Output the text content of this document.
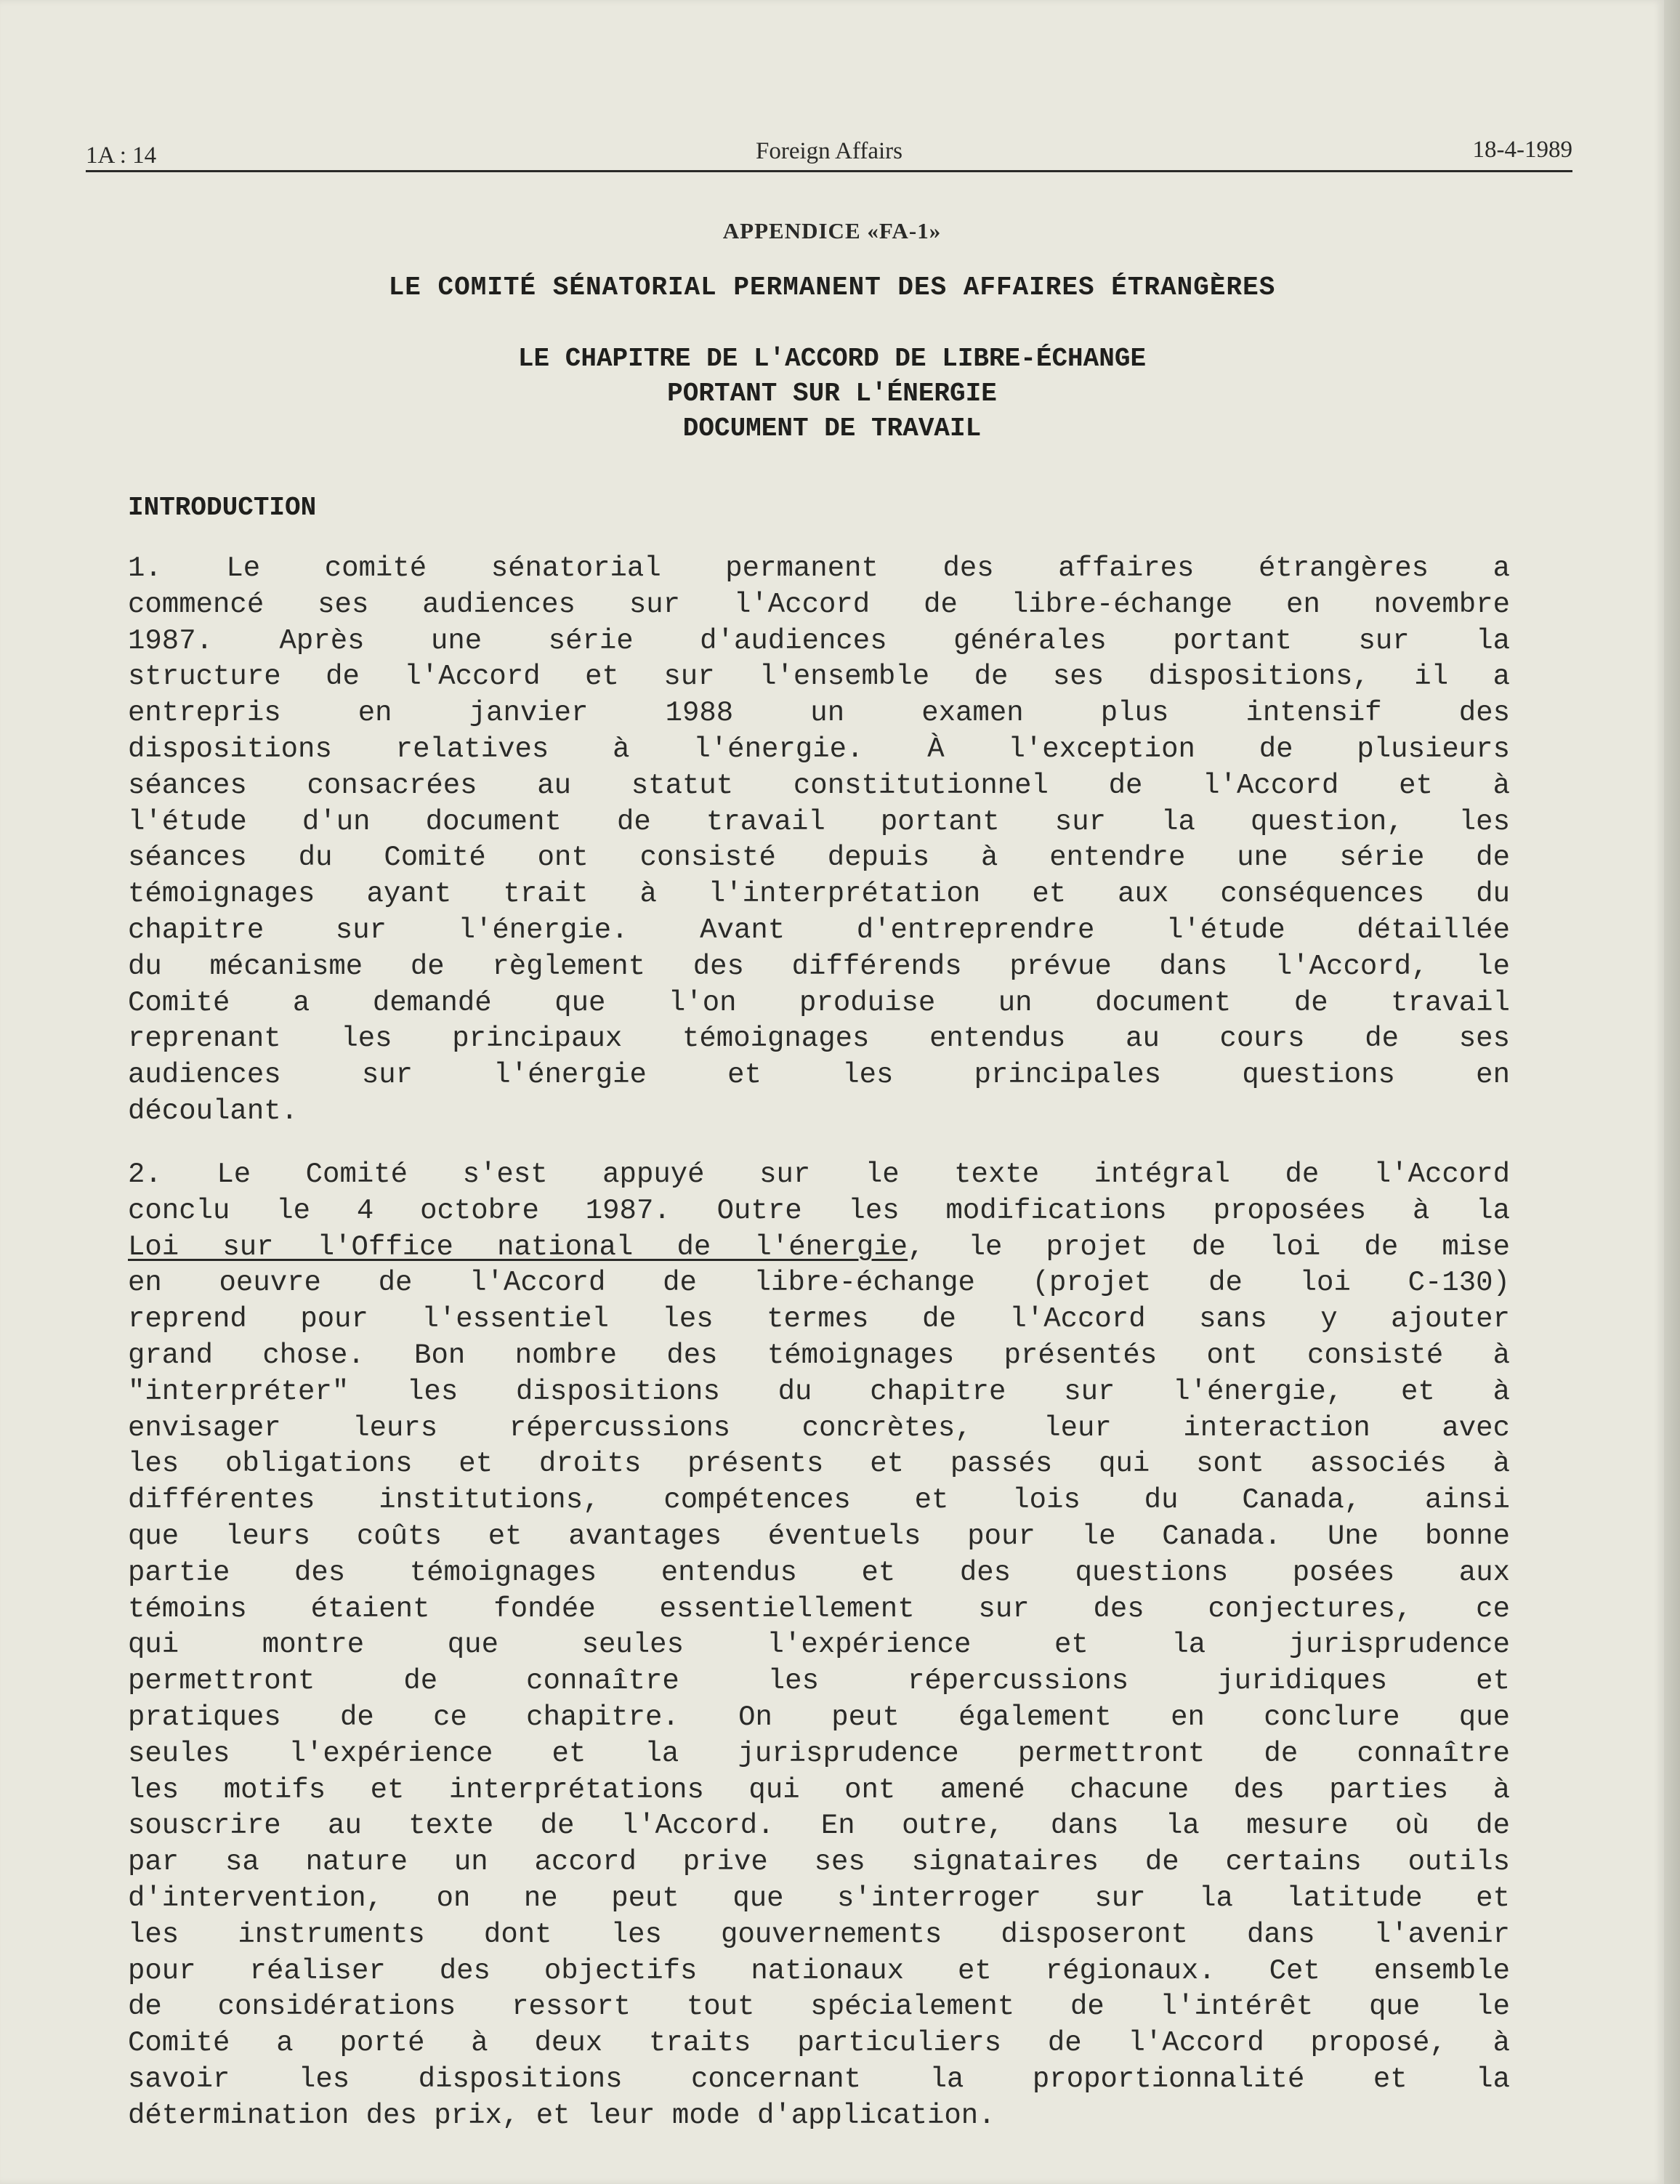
1A : 14	Foreign Affairs	18-4-1989
APPENDICE «FA-1»
LE COMITÉ SÉNATORIAL PERMANENT DES AFFAIRES ÉTRANGÈRES
LE CHAPITRE DE L'ACCORD DE LIBRE-ÉCHANGE
PORTANT SUR L'ÉNERGIE
DOCUMENT DE TRAVAIL
INTRODUCTION
1. Le comité sénatorial permanent des affaires étrangères a
commencé ses audiences sur l'Accord de libre-échange en novembre
1987. Après une série d'audiences générales portant sur la
structure de l'Accord et sur l'ensemble de ses dispositions, il a
entrepris en janvier 1988 un examen plus intensif des
dispositions relatives à l'énergie. À l'exception de plusieurs
séances consacrées au statut constitutionnel de l'Accord et à
l'étude d'un document de travail portant sur la question, les
séances du Comité ont consisté depuis à entendre une série de
témoignages ayant trait à l'interprétation et aux conséquences du
chapitre sur l'énergie. Avant d'entreprendre l'étude détaillée
du mécanisme de règlement des différends prévue dans l'Accord, le
Comité a demandé que l'on produise un document de travail
reprenant les principaux témoignages entendus au cours de ses
audiences sur l'énergie et les principales questions en
découlant.
2. Le Comité s'est appuyé sur le texte intégral de l'Accord
conclu le 4 octobre 1987. Outre les modifications proposées à la
Loi sur l'Office national de l'énergie, le projet de loi de mise
en oeuvre de l'Accord de libre-échange (projet de loi C-130)
reprend pour l'essentiel les termes de l'Accord sans y ajouter
grand chose. Bon nombre des témoignages présentés ont consisté à
"interpréter" les dispositions du chapitre sur l'énergie, et à
envisager leurs répercussions concrètes, leur interaction avec
les obligations et droits présents et passés qui sont associés à
différentes institutions, compétences et lois du Canada, ainsi
que leurs coûts et avantages éventuels pour le Canada. Une bonne
partie des témoignages entendus et des questions posées aux
témoins étaient fondée essentiellement sur des conjectures, ce
qui montre que seules l'expérience et la jurisprudence
permettront de connaître les répercussions juridiques et
pratiques de ce chapitre. On peut également en conclure que
seules l'expérience et la jurisprudence permettront de connaître
les motifs et interprétations qui ont amené chacune des parties à
souscrire au texte de l'Accord. En outre, dans la mesure où de
par sa nature un accord prive ses signataires de certains outils
d'intervention, on ne peut que s'interroger sur la latitude et
les instruments dont les gouvernements disposeront dans l'avenir
pour réaliser des objectifs nationaux et régionaux. Cet ensemble
de considérations ressort tout spécialement de l'intérêt que le
Comité a porté à deux traits particuliers de l'Accord proposé, à
savoir les dispositions concernant la proportionnalité et la
détermination des prix, et leur mode d'application.
